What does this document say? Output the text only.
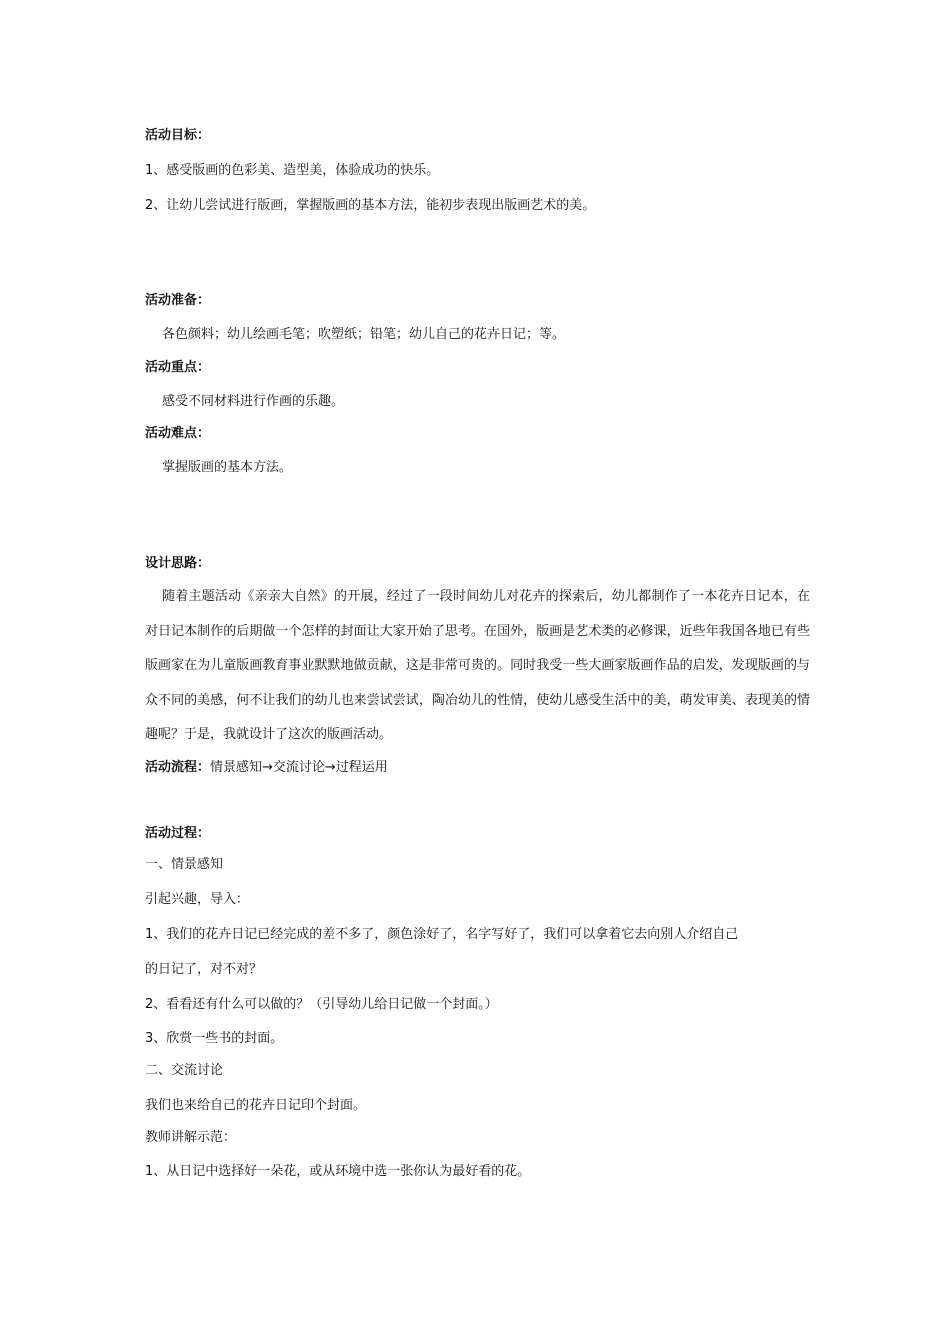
活动目标：
1、感受版画的色彩美、造型美，体验成功的快乐。
2、让幼儿尝试进行版画，掌握版画的基本方法，能初步表现出版画艺术的美。
活动准备：
各色颜料；幼儿绘画毛笔；吹塑纸；铅笔；幼儿自己的花卉日记；等。
活动重点：
感受不同材料进行作画的乐趣。
活动难点：
掌握版画的基本方法。
设计思路：
随着主题活动《亲亲大自然》的开展，经过了一段时间幼儿对花卉的探索后，幼儿都制作了一本花卉日记本，在对日记本制作的后期做一个怎样的封面让大家开始了思考。在国外，版画是艺术类的必修课，近些年我国各地已有些版画家在为儿童版画教育事业默默地做贡献，这是非常可贵的。同时我受一些大画家版画作品的启发，发现版画的与众不同的美感，何不让我们的幼儿也来尝试尝试，陶冶幼儿的性情，使幼儿感受生活中的美，萌发审美、表现美的情趣呢？于是，我就设计了这次的版画活动。
活动流程：情景感知→交流讨论→过程运用
活动过程：
一、情景感知
引起兴趣，导入：
1、我们的花卉日记已经完成的差不多了，颜色涂好了，名字写好了，我们可以拿着它去向别人介绍自己
的日记了，对不对？
2、看看还有什么可以做的？（引导幼儿给日记做一个封面。）
3、欣赏一些书的封面。
二、交流讨论
我们也来给自己的花卉日记印个封面。
教师讲解示范：
1、从日记中选择好一朵花，或从环境中选一张你认为最好看的花。
